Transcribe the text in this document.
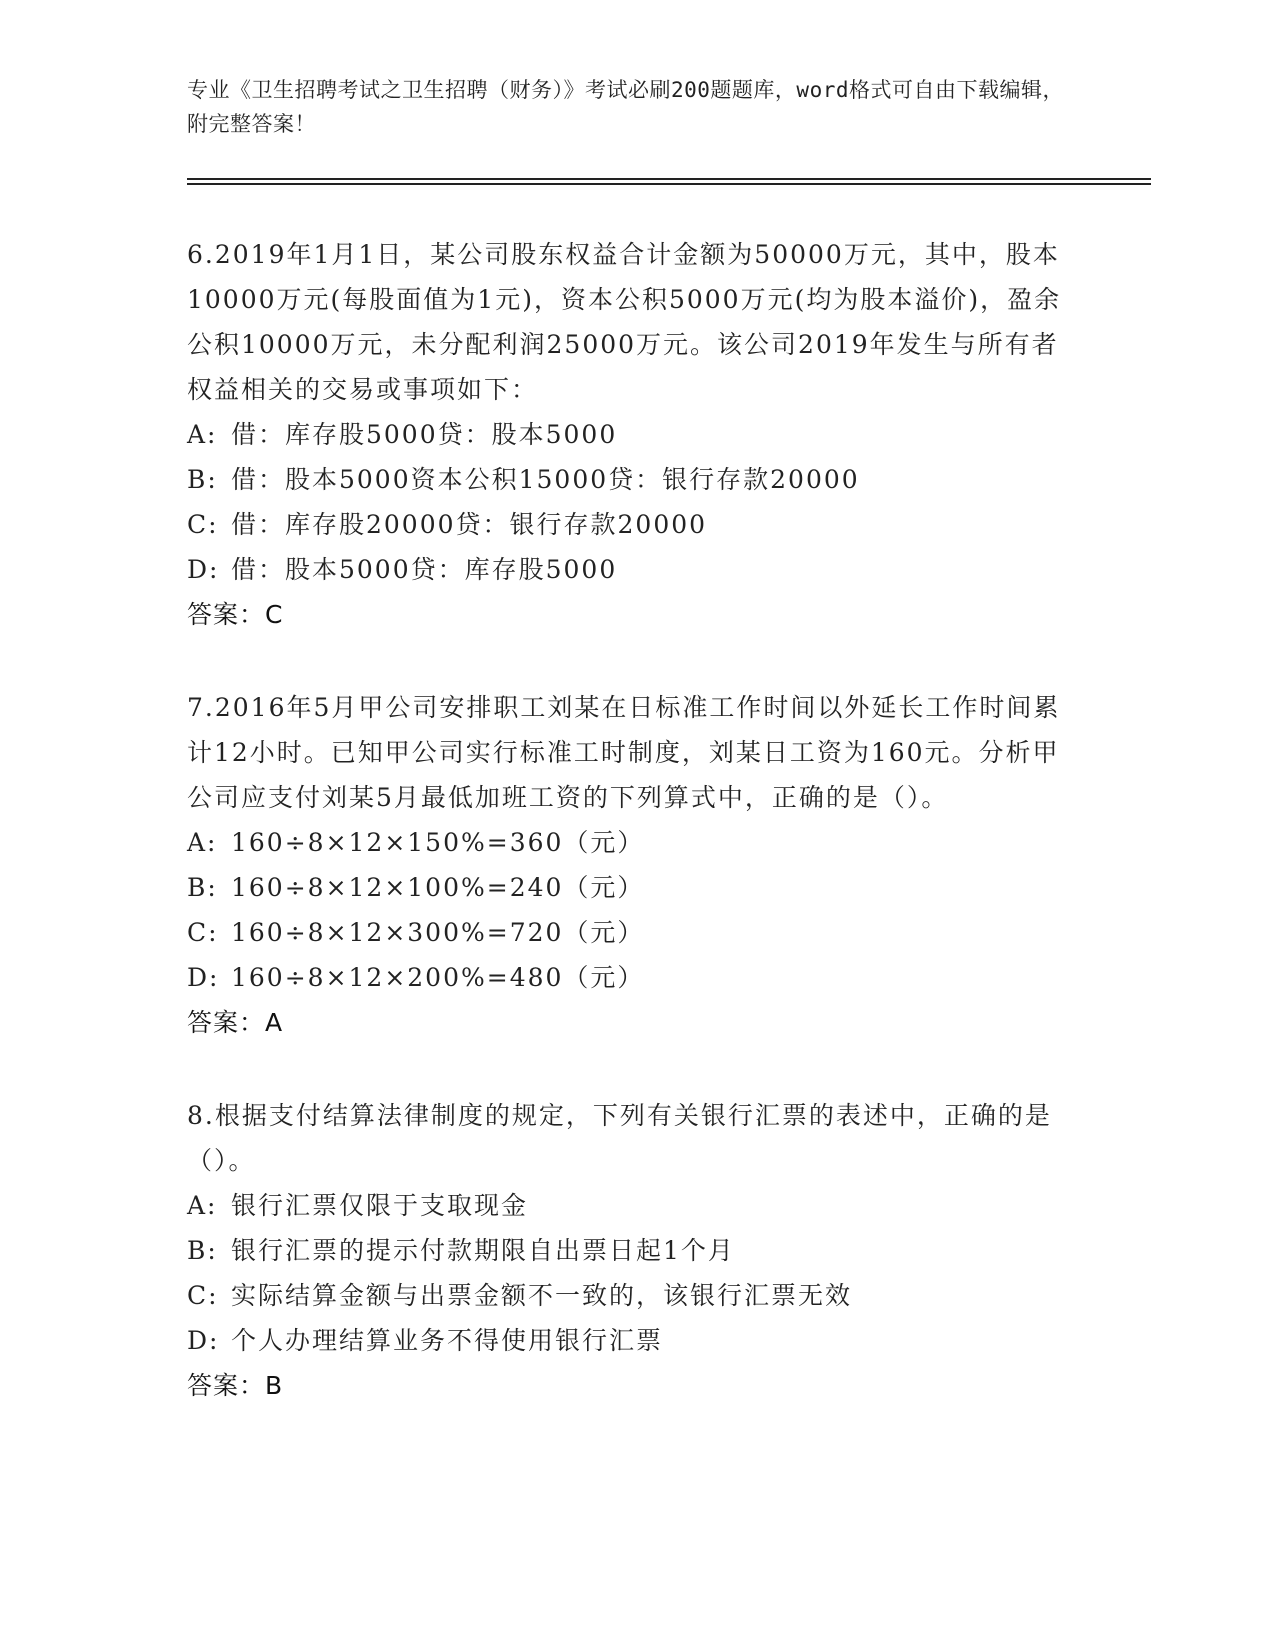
专业《卫生招聘考试之卫生招聘（财务）》考试必刷200题题库，word格式可自由下载编辑，附完整答案！

6.2019年1月1日，某公司股东权益合计金额为50000万元，其中，股本10000万元(每股面值为1元)，资本公积5000万元(均为股本溢价)，盈余公积10000万元，未分配利润25000万元。该公司2019年发生与所有者权益相关的交易或事项如下：

A: 借：库存股5000贷：股本5000

B: 借：股本5000资本公积15000贷：银行存款20000

C: 借：库存股20000贷：银行存款20000

D: 借：股本5000贷：库存股5000

答案：C

7.2016年5月甲公司安排职工刘某在日标准工作时间以外延长工作时间累计12小时。已知甲公司实行标准工时制度，刘某日工资为160元。分析甲公司应支付刘某5月最低加班工资的下列算式中，正确的是（）。

A: 160÷8×12×150%=360（元）

B: 160÷8×12×100%=240（元）

C: 160÷8×12×300%=720（元）

D: 160÷8×12×200%=480（元）

答案：A

8.根据支付结算法律制度的规定，下列有关银行汇票的表述中，正确的是（）。

A: 银行汇票仅限于支取现金

B: 银行汇票的提示付款期限自出票日起1个月

C: 实际结算金额与出票金额不一致的，该银行汇票无效

D: 个人办理结算业务不得使用银行汇票

答案：B
